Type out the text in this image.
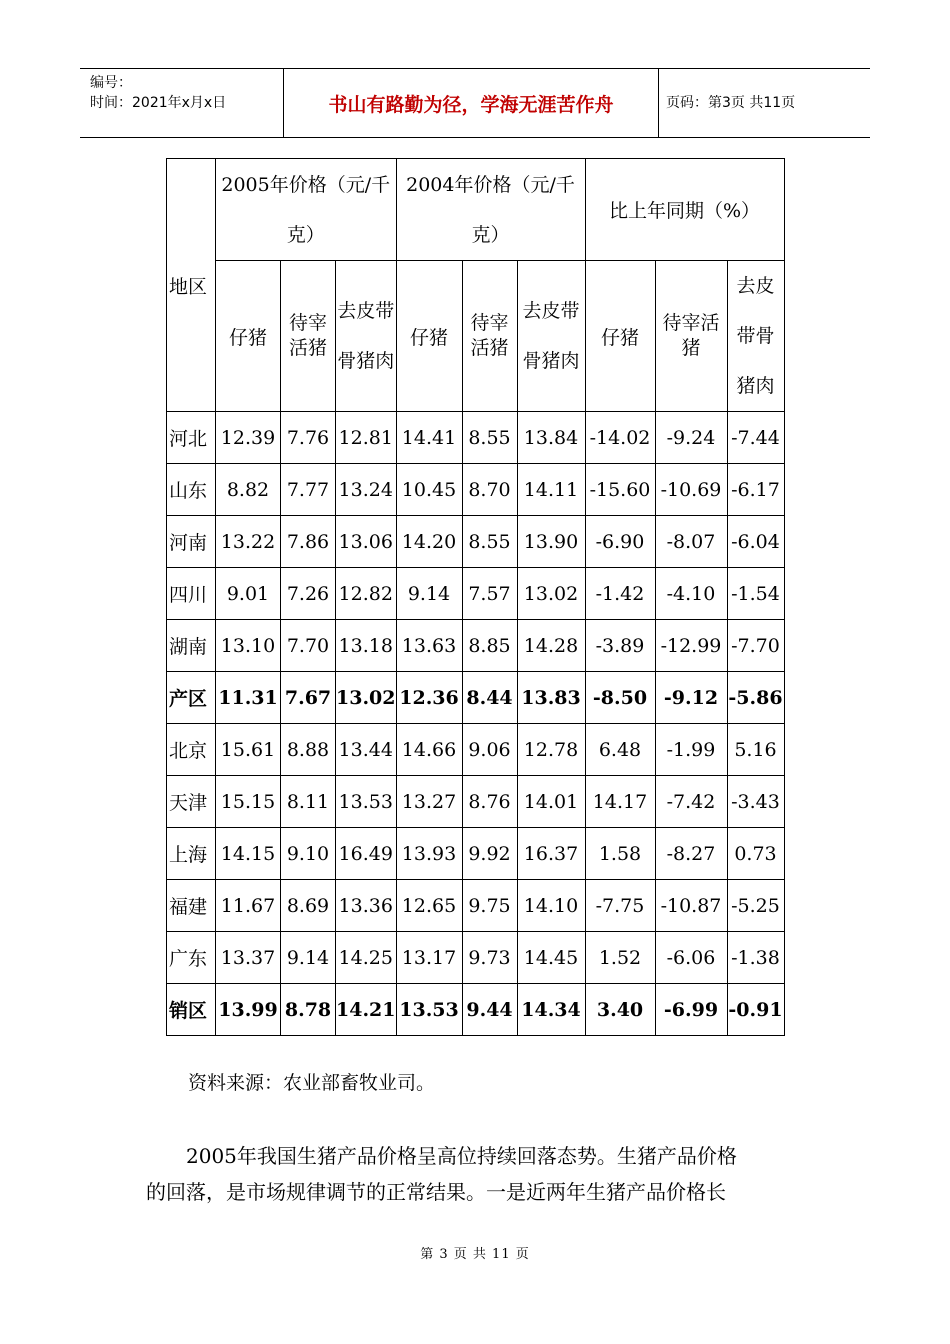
编号：
时间：2021年x月x日	书山有路勤为径，学海无涯苦作舟	页码：第3页 共11页
地区	2005年价格（元/千克）			2004年价格（元/千克）			比上年同期（%）		
	仔猪	待宰活猪	去皮带骨猪肉	仔猪	待宰活猪	去皮带骨猪肉	仔猪	待宰活猪	去皮带骨猪肉
河北	12.39	7.76	12.81	14.41	8.55	13.84	-14.02	-9.24	-7.44
山东	8.82	7.77	13.24	10.45	8.70	14.11	-15.60	-10.69	-6.17
河南	13.22	7.86	13.06	14.20	8.55	13.90	-6.90	-8.07	-6.04
四川	9.01	7.26	12.82	9.14	7.57	13.02	-1.42	-4.10	-1.54
湖南	13.10	7.70	13.18	13.63	8.85	14.28	-3.89	-12.99	-7.70
产区	11.31	7.67	13.02	12.36	8.44	13.83	-8.50	-9.12	-5.86
北京	15.61	8.88	13.44	14.66	9.06	12.78	6.48	-1.99	5.16
天津	15.15	8.11	13.53	13.27	8.76	14.01	14.17	-7.42	-3.43
上海	14.15	9.10	16.49	13.93	9.92	16.37	1.58	-8.27	0.73
福建	11.67	8.69	13.36	12.65	9.75	14.10	-7.75	-10.87	-5.25
广东	13.37	9.14	14.25	13.17	9.73	14.45	1.52	-6.06	-1.38
销区	13.99	8.78	14.21	13.53	9.44	14.34	3.40	-6.99	-0.91
资料来源：农业部畜牧业司。
2005年我国生猪产品价格呈高位持续回落态势。生猪产品价格
的回落，是市场规律调节的正常结果。一是近两年生猪产品价格长
第 3 页 共 11 页
